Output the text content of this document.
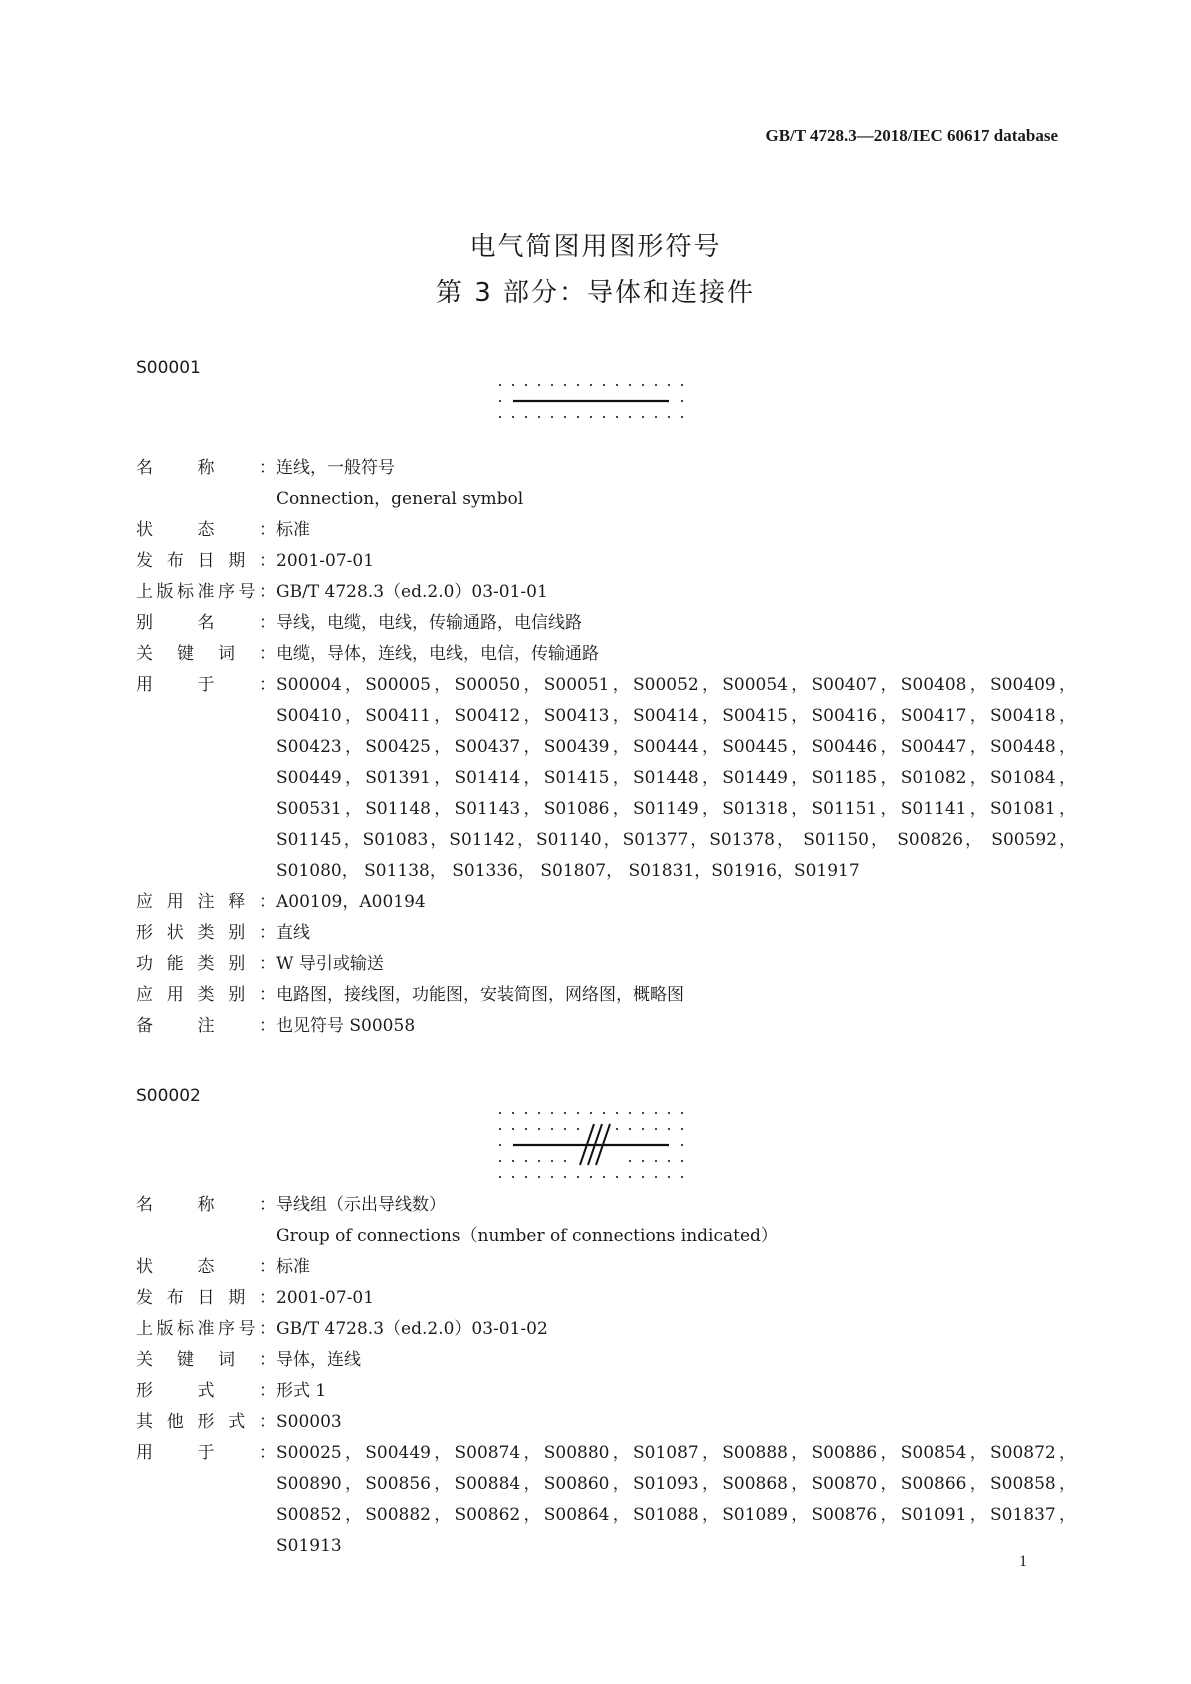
GB/T 4728.3—2018/IEC 60617 database
电气简图用图形符号
第 3 部分：导体和连接件
S00001
名	称	： 连线，一般符号
Connection，general symbol
状	态	： 标准
发 布 日 期 ： 2001-07-01
上 版 标 准 序 号 ： GB/T 4728.3（ed.2.0）03-01-01
别	名	： 导线，电缆，电线，传输通路，电信线路
关 键 词 ： 电缆，导体，连线，电线，电信，传输通路
用	于	： S00004，S00005，S00050，S00051，S00052，S00054，S00407，S00408，S00409，S00410，S00411，S00412，S00413，S00414，S00415，S00416，S00417，S00418，S00423，S00425，S00437，S00439，S00444，S00445，S00446，S00447，S00448，S00449，S01391，S01414，S01415，S01448，S01449，S01185，S01082，S01084，S00531，S01148，S01143，S01086，S01149，S01318，S01151，S01141，S01081，S01145，S01083，S01142，S01140，S01377，S01378， S01150， S00826， S00592， S01080， S01138， S01336， S01807， S01831，S01916，S01917
应 用 注 释 ： A00109，A00194
形 状 类 别 ： 直线
功 能 类 别 ： W 导引或输送
应 用 类 别 ： 电路图，接线图，功能图，安装简图，网络图，概略图
备	注	： 也见符号 S00058
S00002
名	称	： 导线组（示出导线数）
Group of connections（number of connections indicated）
状	态	： 标准
发 布 日 期 ： 2001-07-01
上 版 标 准 序 号 ： GB/T 4728.3（ed.2.0）03-01-02
关 键 词 ： 导体，连线
形	式	： 形式 1
其 他 形 式 ： S00003
用	于	： S00025，S00449，S00874，S00880，S01087，S00888，S00886，S00854，S00872，S00890，S00856，S00884，S00860，S01093，S00868，S00870，S00866，S00858，S00852，S00882，S00862，S00864，S01088，S01089，S00876，S01091，S01837，S01913
1
